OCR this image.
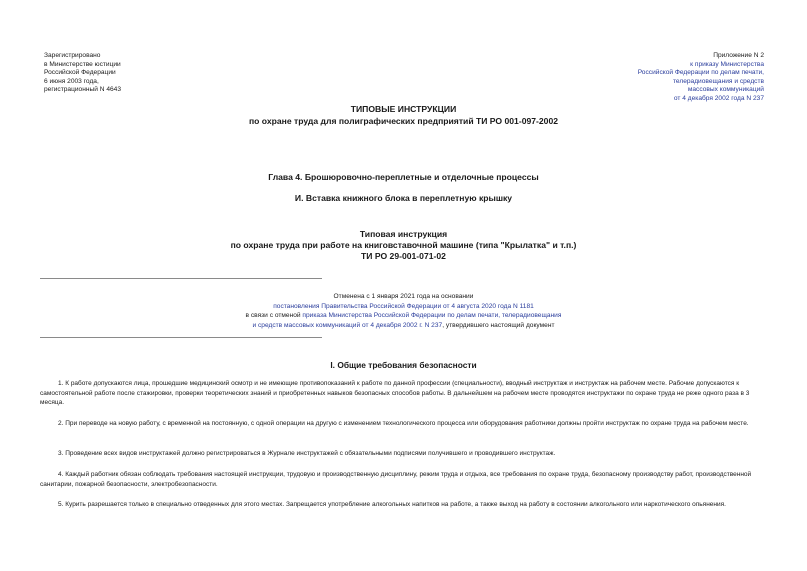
Зарегистрировано
в Министерстве юстиции
Российской Федерации
6 июня 2003 года,
регистрационный N 4643
Приложение N 2
к приказу Министерства
Российской Федерации по делам печати,
телерадиовещания и средств
массовых коммуникаций
от 4 декабря 2002 года N 237
ТИПОВЫЕ ИНСТРУКЦИИ
по охране труда для полиграфических предприятий ТИ РО 001-097-2002
Глава 4. Брошюровочно-переплетные и отделочные процессы
И. Вставка книжного блока в переплетную крышку
Типовая инструкция
по охране труда при работе на книговставочной машине (типа "Крылатка" и т.п.)
ТИ РО 29-001-071-02
Отменена с 1 января 2021 года на основании
постановления Правительства Российской Федерации от 4 августа 2020 года N 1181
в связи с отменой приказа Министерства Российской Федерации по делам печати, телерадиовещания
и средств массовых коммуникаций от 4 декабря 2002 г. N 237, утвердившего настоящий документ
I. Общие требования безопасности
1. К работе допускаются лица, прошедшие медицинский осмотр и не имеющие противопоказаний к работе по данной профессии (специальности), вводный инструктаж и инструктаж на рабочем месте. Рабочие допускаются к самостоятельной работе после стажировки, проверки теоретических знаний и приобретенных навыков безопасных способов работы. В дальнейшем на рабочем месте проводятся инструктажи по охране труда не реже одного раза в 3 месяца.
2. При переводе на новую работу, с временной на постоянную, с одной операции на другую с изменением технологического процесса или оборудования работники должны пройти инструктаж по охране труда на рабочем месте.
3. Проведение всех видов инструктажей должно регистрироваться в Журнале инструктажей с обязательными подписями получившего и проводившего инструктаж.
4. Каждый работник обязан соблюдать требования настоящей инструкции, трудовую и производственную дисциплину, режим труда и отдыха, все требования по охране труда, безопасному производству работ, производственной санитарии, пожарной безопасности, электробезопасности.
5. Курить разрешается только в специально отведенных для этого местах. Запрещается употребление алкогольных напитков на работе, а также выход на работу в состоянии алкогольного или наркотического опьянения.
